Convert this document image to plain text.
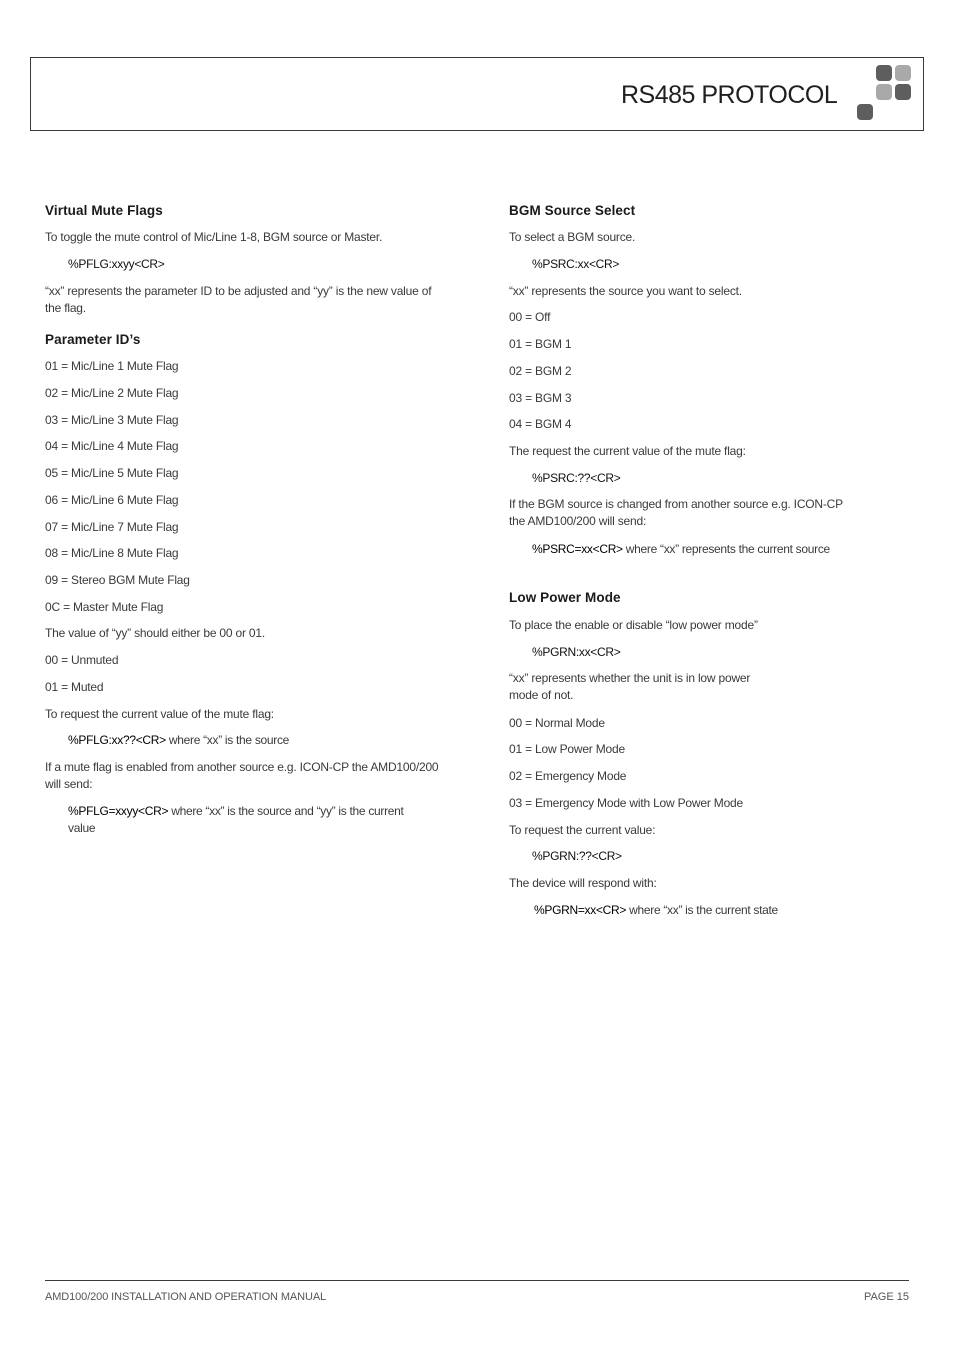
RS485 PROTOCOL
Virtual Mute Flags
To toggle the mute control of Mic/Line 1-8, BGM source or Master.
%PFLG:xxyy<CR>
“xx” represents the parameter ID to be adjusted and “yy” is the new value of the flag.
Parameter ID’s
01 = Mic/Line 1 Mute Flag
02 = Mic/Line 2 Mute Flag
03 = Mic/Line 3 Mute Flag
04 = Mic/Line 4 Mute Flag
05 = Mic/Line 5 Mute Flag
06 = Mic/Line 6 Mute Flag
07 = Mic/Line 7 Mute Flag
08 = Mic/Line 8 Mute Flag
09 = Stereo BGM Mute Flag
0C = Master Mute Flag
The value of “yy” should either be 00 or 01.
00 = Unmuted
01 = Muted
To request the current value of the mute flag:
%PFLG:xx??<CR> where “xx” is the source
If a mute flag is enabled from another source e.g. ICON-CP the AMD100/200 will send:
%PFLG=xxyy<CR> where “xx” is the source and “yy” is the current value
BGM Source Select
To select a BGM source.
%PSRC:xx<CR>
“xx” represents the source you want to select.
00 = Off
01 = BGM 1
02 = BGM 2
03 = BGM 3
04 = BGM 4
The request the current value of the mute flag:
%PSRC:??<CR>
If the BGM source is changed from another source e.g. ICON-CP the AMD100/200 will send:
%PSRC=xx<CR> where “xx” represents the current source
Low Power Mode
To place the enable or disable “low power mode”
%PGRN:xx<CR>
“xx” represents whether the unit is in low power mode of not.
00 = Normal Mode
01 = Low Power Mode
02 = Emergency Mode
03 = Emergency Mode with Low Power Mode
To request the current value:
%PGRN:??<CR>
The device will respond with:
%PGRN=xx<CR> where “xx” is the current state
AMD100/200 INSTALLATION AND OPERATION MANUAL	PAGE 15
